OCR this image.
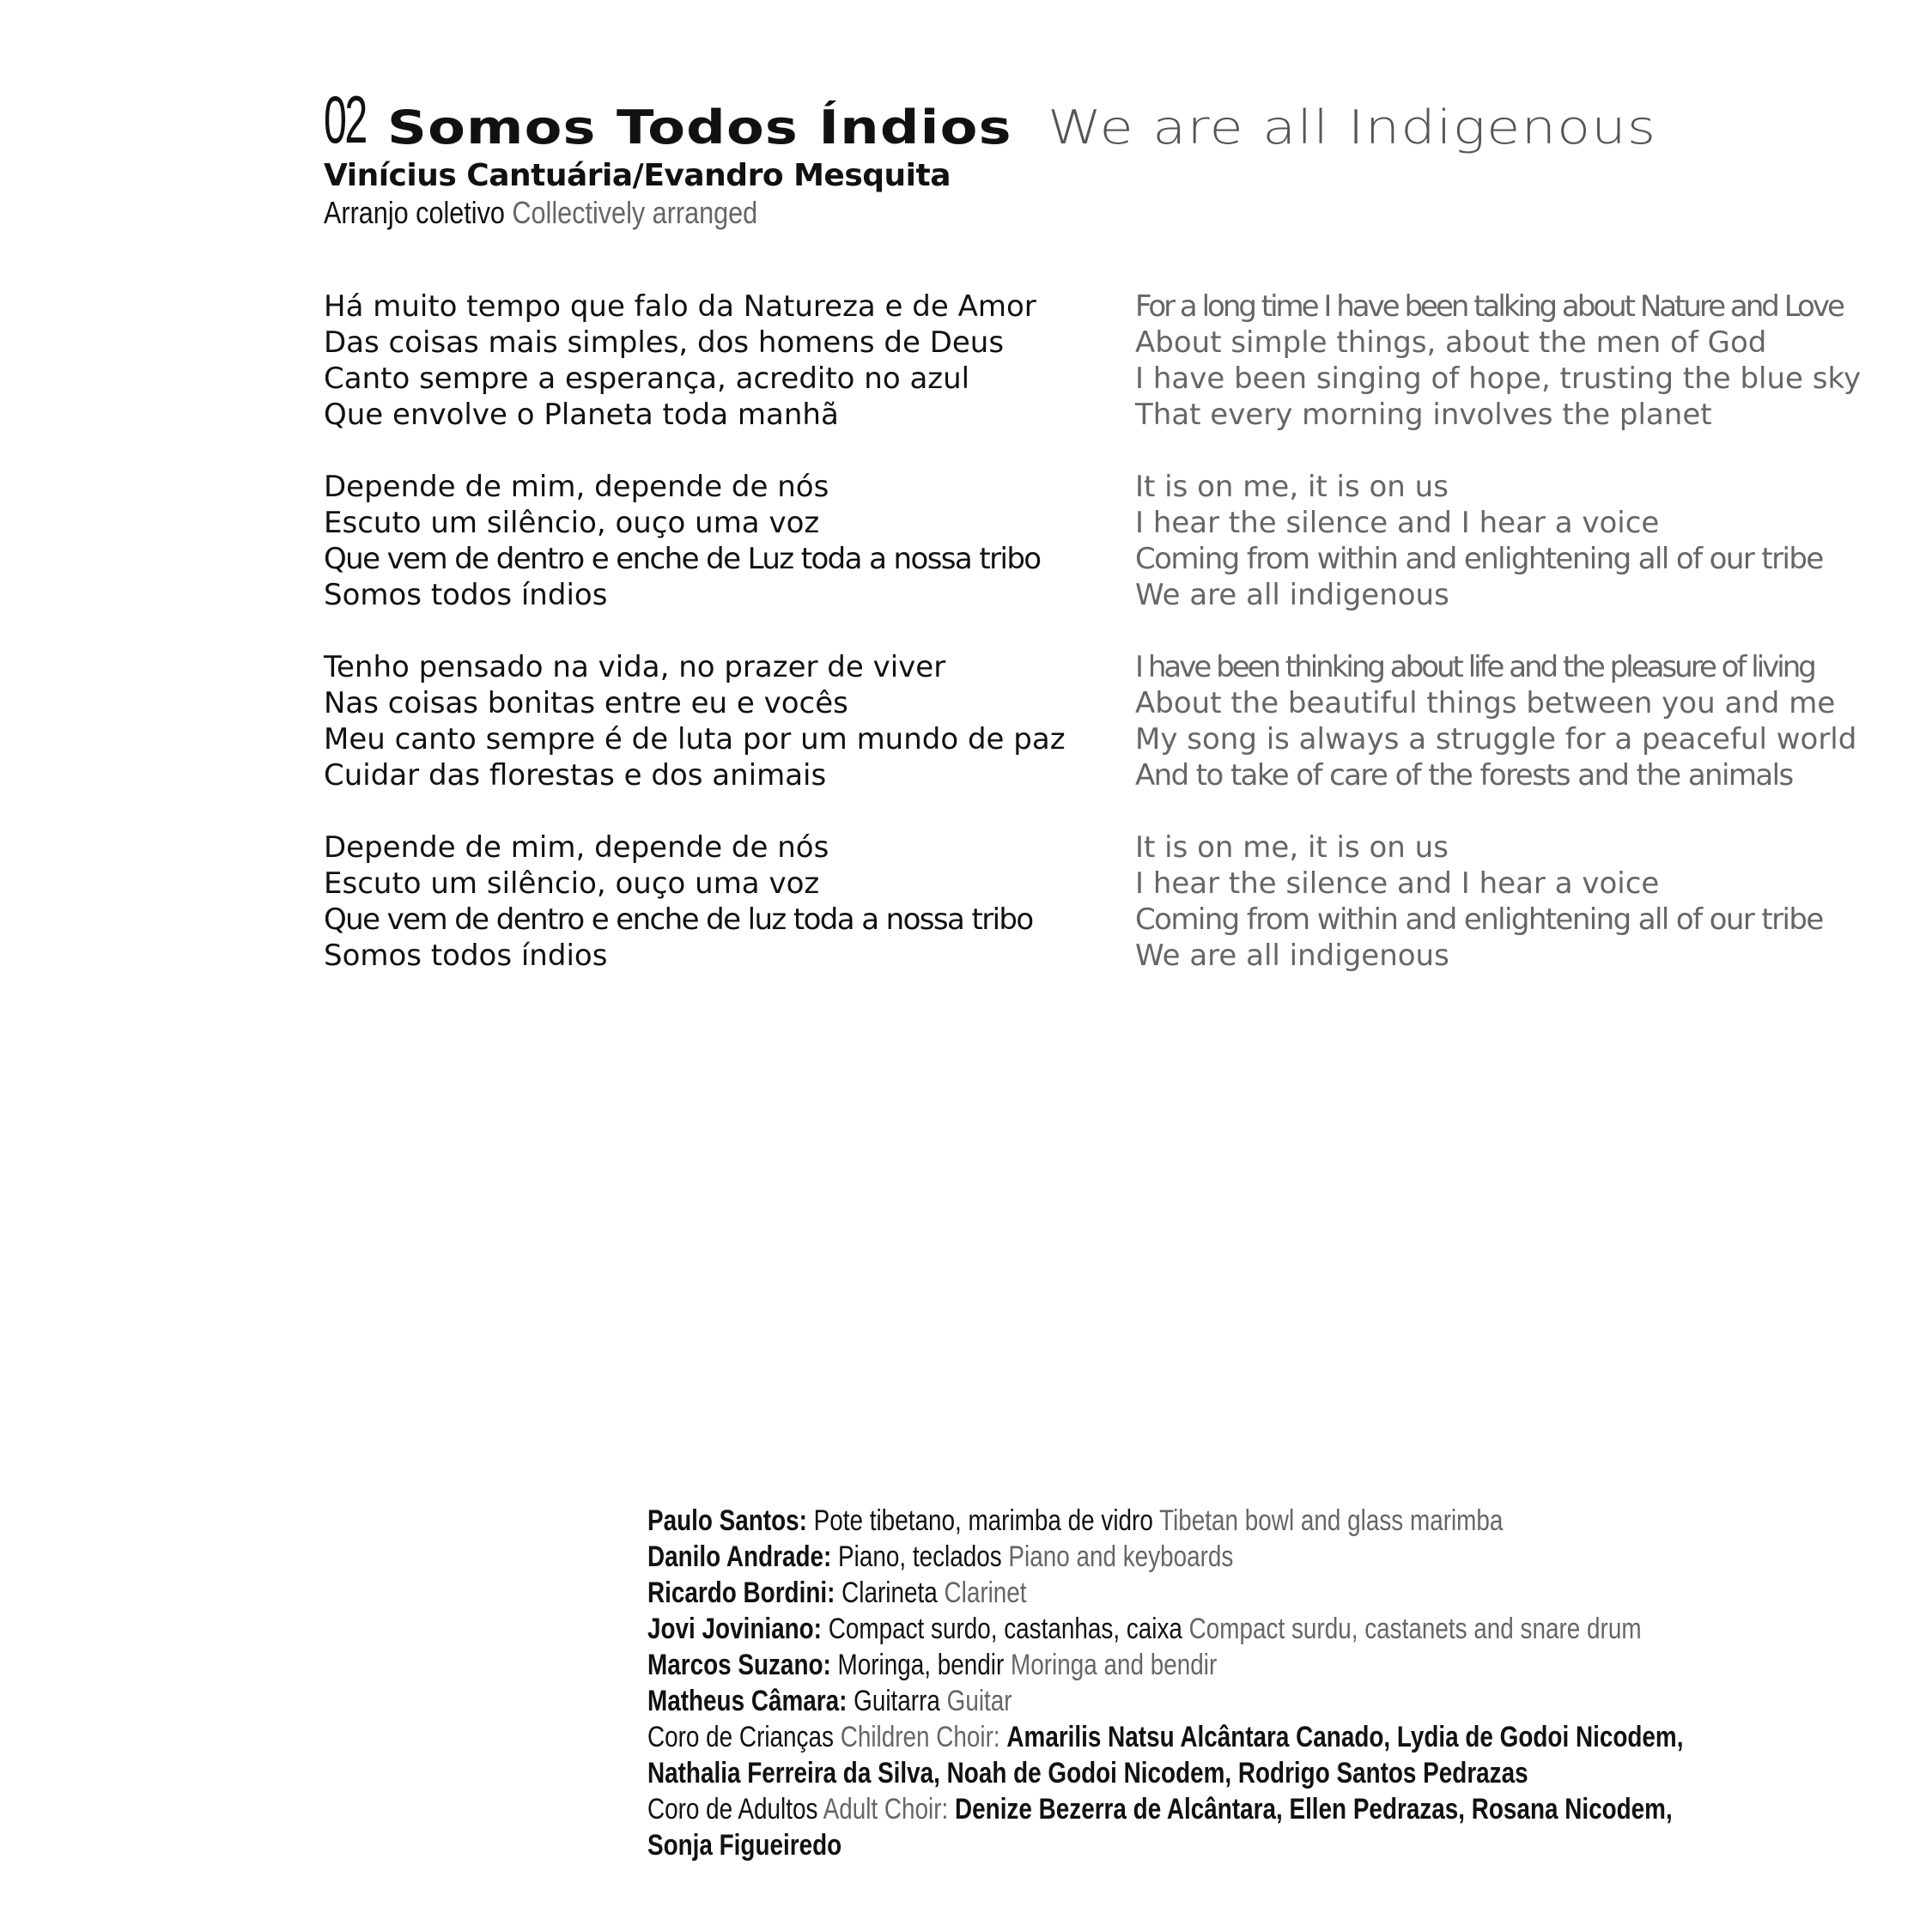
02 Somos Todos Índios We are all Indigenous
Vinícius Cantuária/Evandro Mesquita
Arranjo coletivo Collectively arranged
Há muito tempo que falo da Natureza e de Amor
Das coisas mais simples, dos homens de Deus
Canto sempre a esperança, acredito no azul
Que envolve o Planeta toda manhã
Depende de mim, depende de nós
Escuto um silêncio, ouço uma voz
Que vem de dentro e enche de Luz toda a nossa tribo
Somos todos índios
Tenho pensado na vida, no prazer de viver
Nas coisas bonitas entre eu e vocês
Meu canto sempre é de luta por um mundo de paz
Cuidar das florestas e dos animais
Depende de mim, depende de nós
Escuto um silêncio, ouço uma voz
Que vem de dentro e enche de luz toda a nossa tribo
Somos todos índios
For a long time I have been talking about Nature and Love
About simple things, about the men of God
I have been singing of hope, trusting the blue sky
That every morning involves the planet
It is on me, it is on us
I hear the silence and I hear a voice
Coming from within and enlightening all of our tribe
We are all indigenous
I have been thinking about life and the pleasure of living
About the beautiful things between you and me
My song is always a struggle for a peaceful world
And to take of care of the forests and the animals
It is on me, it is on us
I hear the silence and I hear a voice
Coming from within and enlightening all of our tribe
We are all indigenous
Paulo Santos: Pote tibetano, marimba de vidro Tibetan bowl and glass marimba
Danilo Andrade: Piano, teclados Piano and keyboards
Ricardo Bordini: Clarineta Clarinet
Jovi Joviniano: Compact surdo, castanhas, caixa Compact surdu, castanets and snare drum
Marcos Suzano: Moringa, bendir Moringa and bendir
Matheus Câmara: Guitarra Guitar
Coro de Crianças Children Choir: Amarilis Natsu Alcântara Canado, Lydia de Godoi Nicodem,
Nathalia Ferreira da Silva, Noah de Godoi Nicodem, Rodrigo Santos Pedrazas
Coro de Adultos Adult Choir: Denize Bezerra de Alcântara, Ellen Pedrazas, Rosana Nicodem,
Sonja Figueiredo
